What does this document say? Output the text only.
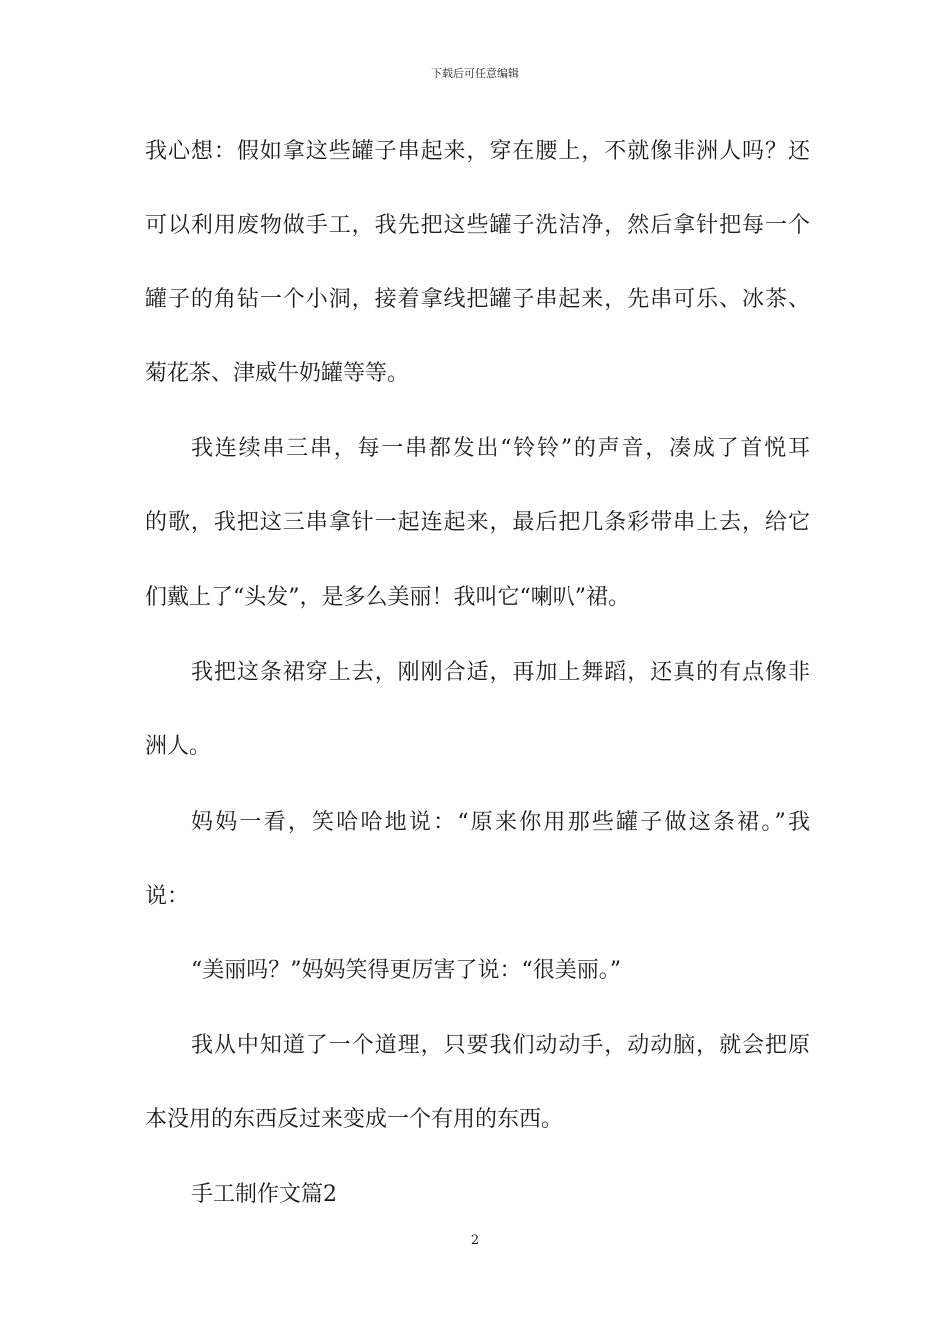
下载后可任意编辑
我心想：假如拿这些罐子串起来，穿在腰上，不就像非洲人吗？还
可以利用废物做手工，我先把这些罐子洗洁净，然后拿针把每一个
罐子的角钻一个小洞，接着拿线把罐子串起来，先串可乐、冰茶、
菊花茶、津威牛奶罐等等。
我连续串三串，每一串都发出“铃铃”的声音，凑成了首悦耳
的歌，我把这三串拿针一起连起来，最后把几条彩带串上去，给它
们戴上了“头发”，是多么美丽！我叫它“喇叭”裙。
我把这条裙穿上去，刚刚合适，再加上舞蹈，还真的有点像非
洲人。
妈妈一看，笑哈哈地说：“原来你用那些罐子做这条裙。”我
说：
“美丽吗？”妈妈笑得更厉害了说：“很美丽。”
我从中知道了一个道理，只要我们动动手，动动脑，就会把原
本没用的东西反过来变成一个有用的东西。
手工制作文篇2
2
